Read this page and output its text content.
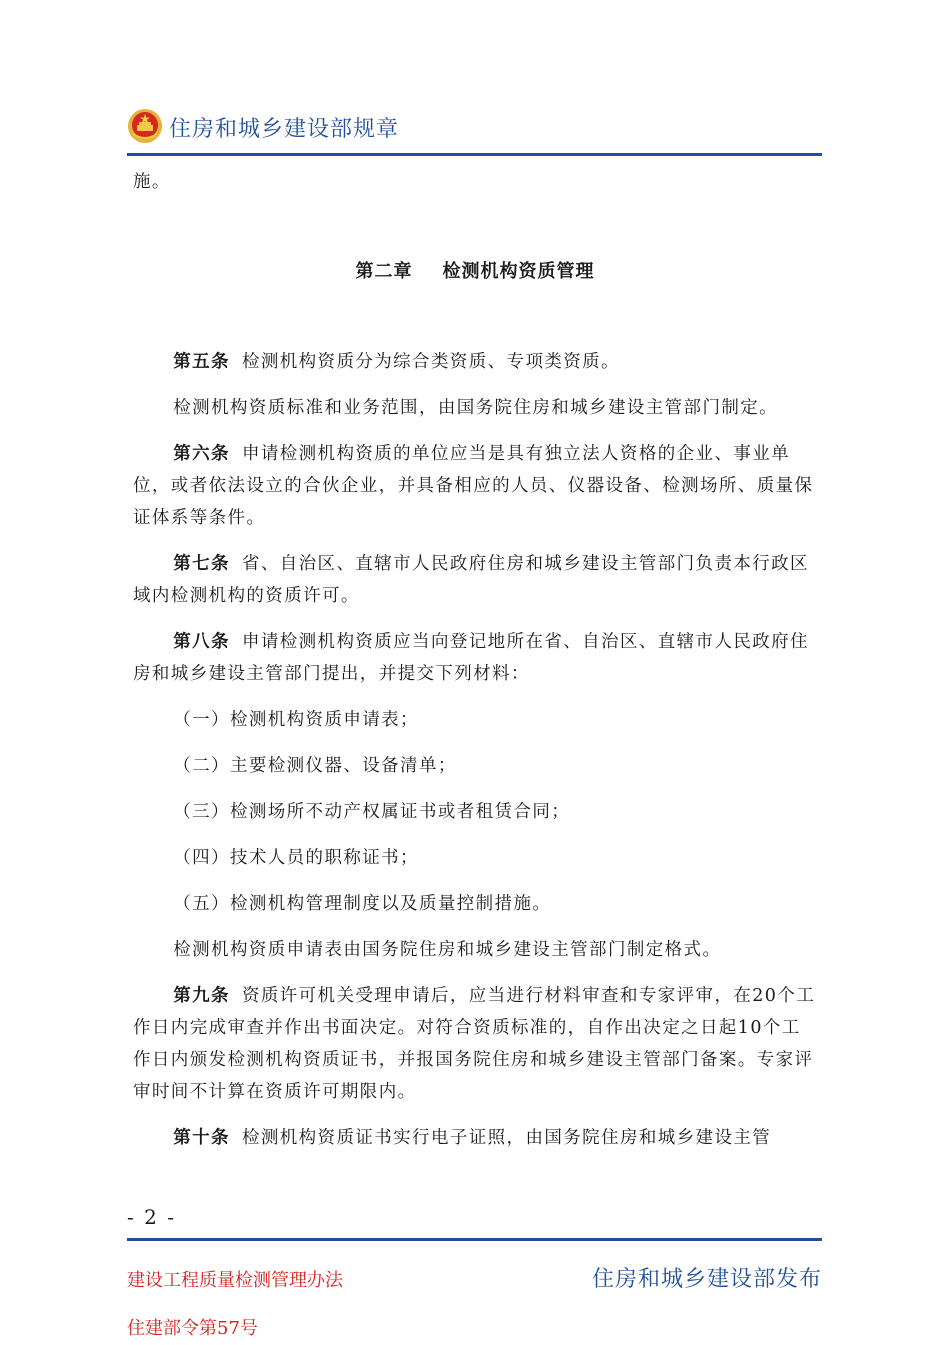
住房和城乡建设部规章

施。

第二章 检测机构资质管理

第五条 检测机构资质分为综合类资质、专项类资质。

检测机构资质标准和业务范围，由国务院住房和城乡建设主管部门制定。

第六条 申请检测机构资质的单位应当是具有独立法人资格的企业、事业单位，或者依法设立的合伙企业，并具备相应的人员、仪器设备、检测场所、质量保证体系等条件。

第七条 省、自治区、直辖市人民政府住房和城乡建设主管部门负责本行政区域内检测机构的资质许可。

第八条 申请检测机构资质应当向登记地所在省、自治区、直辖市人民政府住房和城乡建设主管部门提出，并提交下列材料：

（一）检测机构资质申请表；

（二）主要检测仪器、设备清单；

（三）检测场所不动产权属证书或者租赁合同；

（四）技术人员的职称证书；

（五）检测机构管理制度以及质量控制措施。

检测机构资质申请表由国务院住房和城乡建设主管部门制定格式。

第九条 资质许可机关受理申请后，应当进行材料审查和专家评审，在20个工作日内完成审查并作出书面决定。对符合资质标准的，自作出决定之日起10个工作日内颁发检测机构资质证书，并报国务院住房和城乡建设主管部门备案。专家评审时间不计算在资质许可期限内。

第十条 检测机构资质证书实行电子证照，由国务院住房和城乡建设主管

- 2 -
建设工程质量检测管理办法
住建部令第57号
住房和城乡建设部发布
